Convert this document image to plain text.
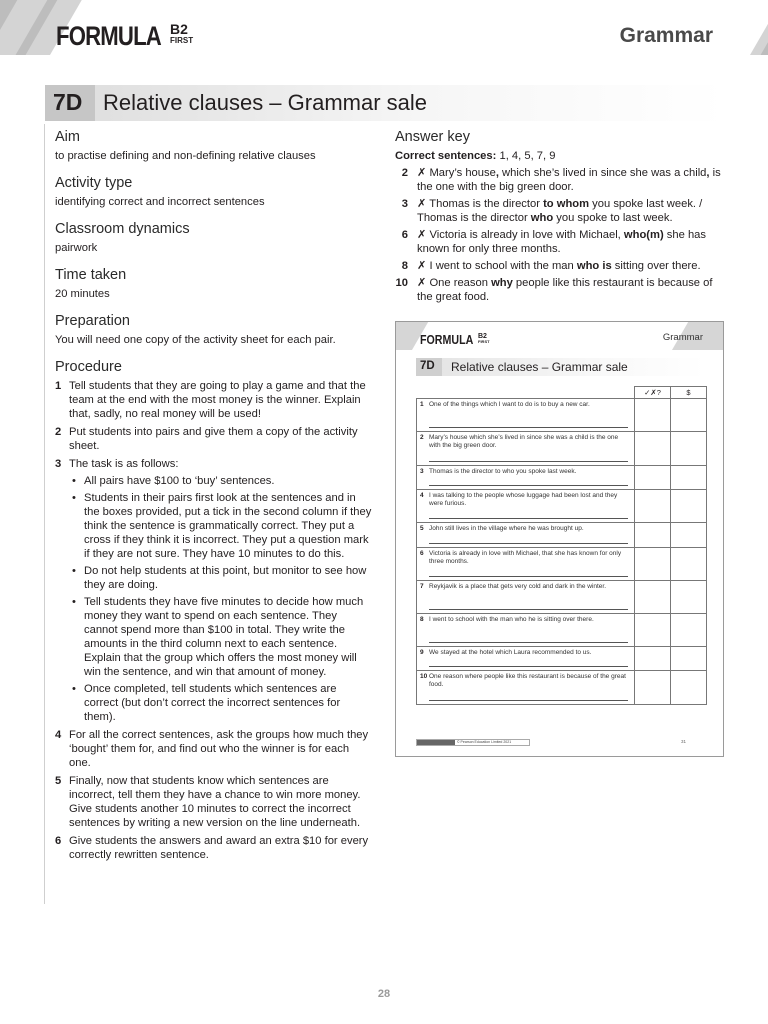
FORMULA B2
FIRST	Grammar
7D Relative clauses – Grammar sale
Aim

to practise defining and non-defining relative clauses

Activity type

identifying correct and incorrect sentences

Classroom dynamics

pairwork

Time taken

20 minutes

Preparation

You will need one copy of the activity sheet for each pair.

Procedure
1 Tell students that they are going to play a game and that the team at the end with the most money is the winner. Explain that, sadly, no real money will be used!
2 Put students into pairs and give them a copy of the activity sheet.
3 The task is as follows:
• All pairs have $100 to ‘buy’ sentences.
• Students in their pairs first look at the sentences and in the boxes provided, put a tick in the second column if they think the sentence is grammatically correct. They put a cross if they think it is incorrect. They put a question mark if they are not sure. They have 10 minutes to do this.
• Do not help students at this point, but monitor to see how they are doing.
• Tell students they have five minutes to decide how much money they want to spend on each sentence. They cannot spend more than $100 in total. They write the amounts in the third column next to each sentence. Explain that the group which offers the most money will win the sentence, and win that amount of money.
• Once completed, tell students which sentences are correct (but don’t correct the incorrect sentences for them).
4 For all the correct sentences, ask the groups how much they ‘bought’ them for, and find out who the winner is for each one.
5 Finally, now that students know which sentences are incorrect, tell them they have a chance to win more money. Give students another 10 minutes to correct the incorrect sentences by writing a new version on the line underneath.
6 Give students the answers and award an extra $10 for every correctly rewritten sentence.
Answer key

Correct sentences: 1, 4, 5, 7, 9

2 ✗ Mary’s house, which she’s lived in since she was a child, is the one with the big green door.
3 ✗ Thomas is the director to whom you spoke last week. / Thomas is the director who you spoke to last week.
6 ✗ Victoria is already in love with Michael, who(m) she has known for only three months.
8 ✗ I went to school with the man who is sitting over there.
10 ✗ One reason why people like this restaurant is because of the great food.
FORMULA B2
FIRST	Grammar
7D Relative clauses – Grammar sale
	✓✗?	$

1 One of the things which I want to do is to buy a new car.		

2 Mary’s house which she’s lived in since she was a child is the one with the big green door.		

3 Thomas is the director to who you spoke last week.		

4 I was talking to the people whose luggage had been lost and they were furious.		

5 John still lives in the village where he was brought up.		

6 Victoria is already in love with Michael, that she has known for only three months.		

7 Reykjavik is a place that gets very cold and dark in the winter.		

8 I went to school with the man who he is sitting over there.		

9 We stayed at the hotel which Laura recommended to us.		

10 One reason where people like this restaurant is because of the great food.		

© Pearson Education Limited 2021	31
28
